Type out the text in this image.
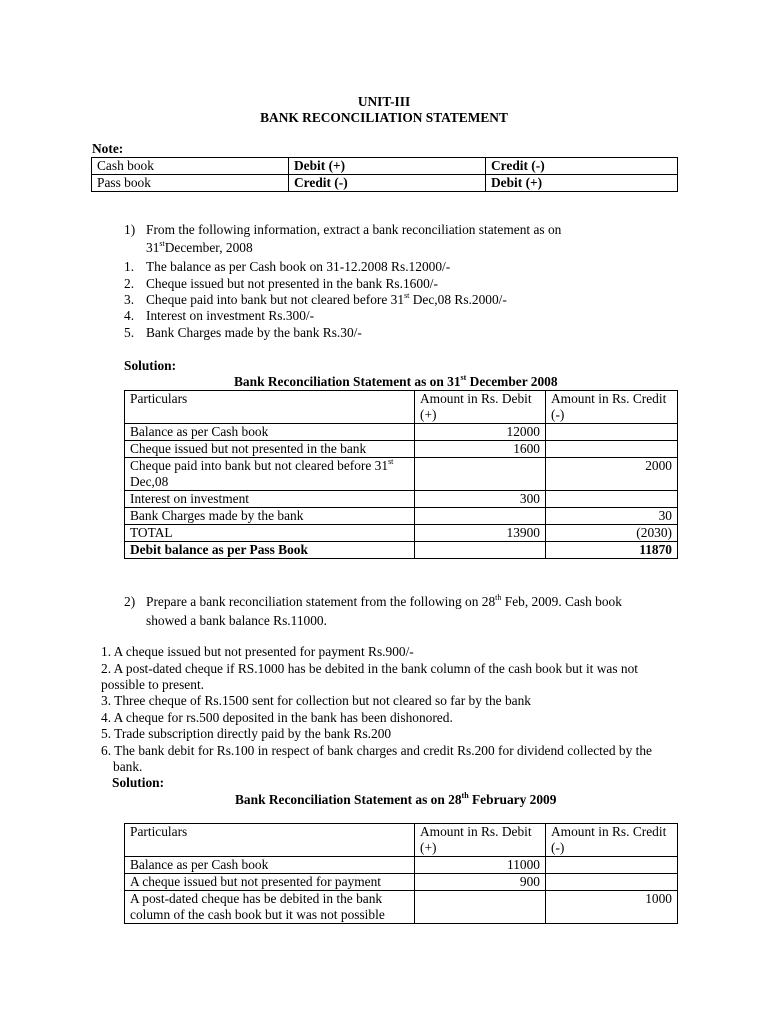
UNIT-III
BANK RECONCILIATION STATEMENT
Note:
Cash book	Debit (+)	Credit (-)
Pass book	Credit (-)	Debit (+)
1) From the following information, extract a bank reconciliation statement as on
31stDecember, 2008
1. The balance as per Cash book on 31-12.2008 Rs.12000/-
2. Cheque issued but not presented in the bank Rs.1600/-
3. Cheque paid into bank but not cleared before 31st Dec,08 Rs.2000/-
4. Interest on investment Rs.300/-
5. Bank Charges made by the bank Rs.30/-
Solution:
Bank Reconciliation Statement as on 31st December 2008
Particulars	Amount in Rs. Debit (+)	Amount in Rs. Credit (-)
Balance as per Cash book	12000	
Cheque issued but not presented in the bank	1600	
Cheque paid into bank but not cleared before 31st Dec,08		2000
Interest on investment	300	
Bank Charges made by the bank		30
TOTAL	13900	(2030)
Debit balance as per Pass Book		11870
2) Prepare a bank reconciliation statement from the following on 28th Feb, 2009. Cash book
showed a bank balance Rs.11000.
1. A cheque issued but not presented for payment Rs.900/-
2. A post-dated cheque if RS.1000 has be debited in the bank column of the cash book but it was not
possible to present.
3. Three cheque of Rs.1500 sent for collection but not cleared so far by the bank
4. A cheque for rs.500 deposited in the bank has been dishonored.
5. Trade subscription directly paid by the bank Rs.200
6. The bank debit for Rs.100 in respect of bank charges and credit Rs.200 for dividend collected by the
bank.
Solution:
Bank Reconciliation Statement as on 28th February 2009
Particulars	Amount in Rs. Debit (+)	Amount in Rs. Credit (-)
Balance as per Cash book	11000	
A cheque issued but not presented for payment	900	
A post-dated cheque has be debited in the bank column of the cash book but it was not possible		1000
